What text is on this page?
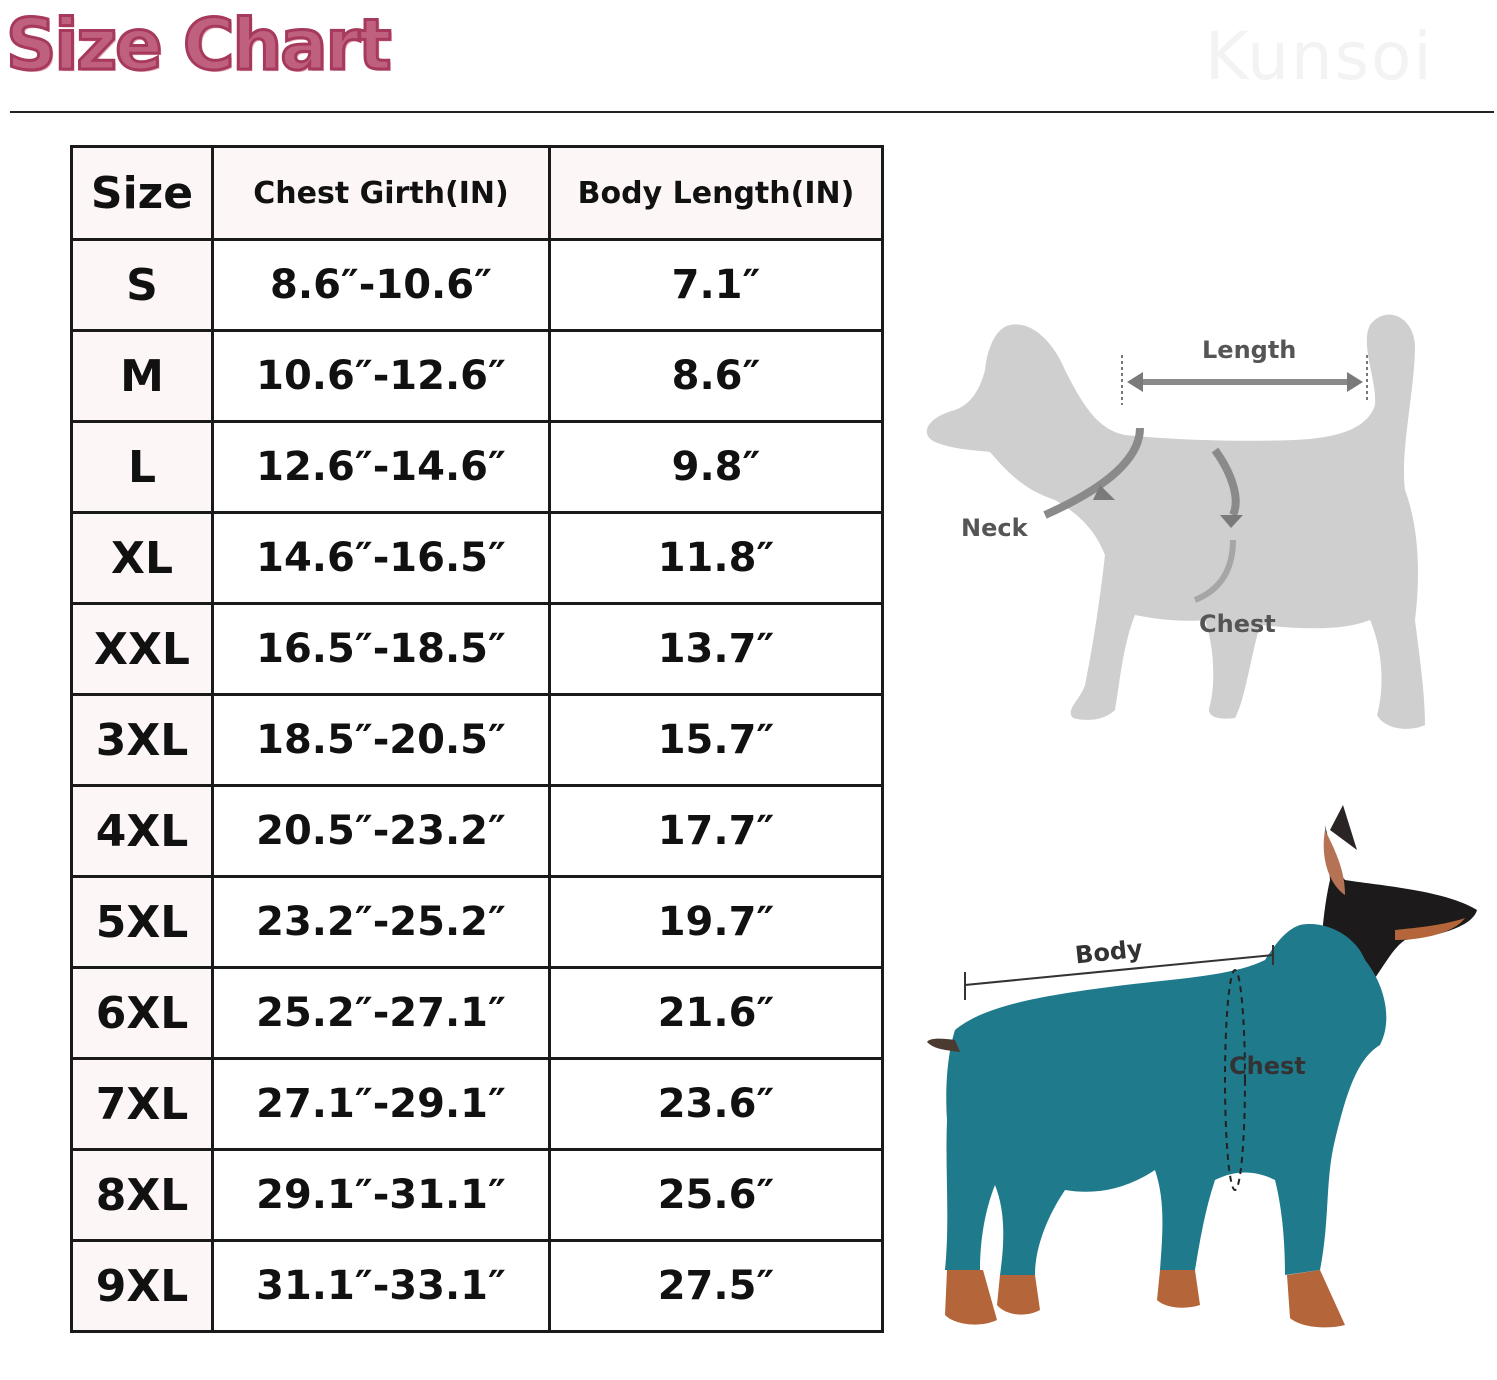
Size Chart	Kunsoi
Size	Chest Girth(IN)	Body Length(IN)
S	8.6″-10.6″	7.1″
M	10.6″-12.6″	8.6″
L	12.6″-14.6″	9.8″
XL	14.6″-16.5″	11.8″
XXL	16.5″-18.5″	13.7″
3XL	18.5″-20.5″	15.7″
4XL	20.5″-23.2″	17.7″
5XL	23.2″-25.2″	19.7″
6XL	25.2″-27.1″	21.6″
7XL	27.1″-29.1″	23.6″
8XL	29.1″-31.1″	25.6″
9XL	31.1″-33.1″	27.5″
Length
Neck
Chest
Body
Chest
